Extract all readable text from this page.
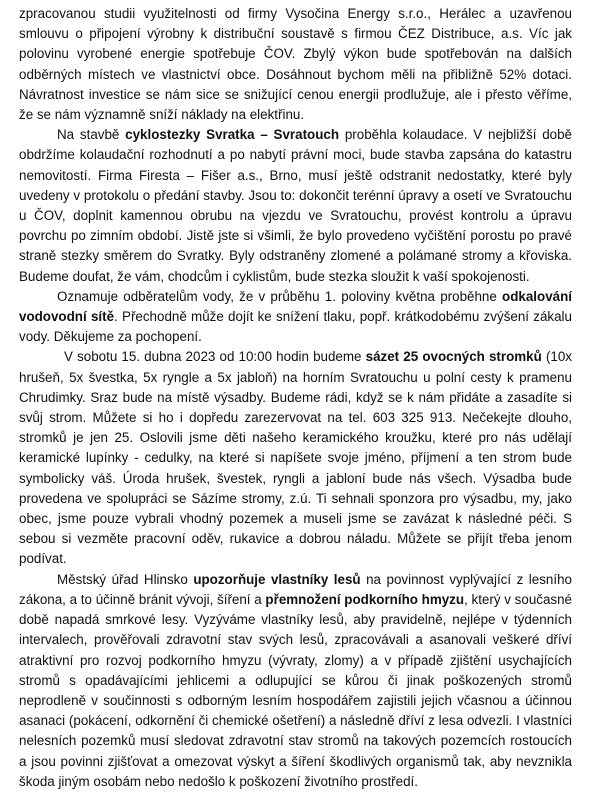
zpracovanou studii využitelnosti od firmy Vysočina Energy s.r.o., Herálec a uzavřenou smlouvu o připojení výrobny k distribuční soustavě s firmou ČEZ Distribuce, a.s. Víc jak polovinu vyrobené energie spotřebuje ČOV. Zbylý výkon bude spotřebován na dalších odběrných místech ve vlastnictví obce. Dosáhnout bychom měli na přibližně 52% dotaci. Návratnost investice se nám sice se snižující cenou energii prodlužuje, ale i přesto věříme, že se nám významně sníží náklady na elektřinu.

Na stavbě cyklostezky Svratka – Svratouch proběhla kolaudace. V nejbližší době obdržíme kolaudační rozhodnutí a po nabytí právní moci, bude stavba zapsána do katastru nemovitostí. Firma Firesta – Fišer a.s., Brno, musí ještě odstranit nedostatky, které byly uvedeny v protokolu o předání stavby. Jsou to: dokončit terénní úpravy a osetí ve Svratouchu u ČOV, doplnit kamennou obrubu na vjezdu ve Svratouchu, provést kontrolu a úpravu povrchu po zimním období. Jistě jste si všimli, že bylo provedeno vyčištění porostu po pravé straně stezky směrem do Svratky. Byly odstraněny zlomené a polámané stromy a křoviska. Budeme doufat, že vám, chodcům i cyklistům, bude stezka sloužit k vaší spokojenosti.

Oznamuje odběratelům vody, že v průběhu 1. poloviny května proběhne odkalování vodovodní sítě. Přechodně může dojít ke snížení tlaku, popř. krátkodobému zvýšení zákalu vody. Děkujeme za pochopení.

V sobotu 15. dubna 2023 od 10:00 hodin budeme sázet 25 ovocných stromků (10x hrušeň, 5x švestka, 5x ryngle a 5x jabloň) na horním Svratouchu u polní cesty k pramenu Chrudimky. Sraz bude na místě výsadby. Budeme rádi, když se k nám přidáte a zasadíte si svůj strom. Můžete si ho i dopředu zarezervovat na tel. 603 325 913. Nečekejte dlouho, stromků je jen 25. Oslovili jsme děti našeho keramického kroužku, které pro nás udělají keramické lupínky - cedulky, na které si napíšete svoje jméno, příjmení a ten strom bude symbolicky váš. Úroda hrušek, švestek, ryngli a jabloní bude nás všech. Výsadba bude provedena ve spolupráci se Sázíme stromy, z.ú. Ti sehnali sponzora pro výsadbu, my, jako obec, jsme pouze vybrali vhodný pozemek a museli jsme se zavázat k následné péči. S sebou si vezměte pracovní oděv, rukavice a dobrou náladu. Můžete se přijít třeba jenom podívat.

Městský úřad Hlinsko upozorňuje vlastníky lesů na povinnost vyplývající z lesního zákona, a to účinně bránit vývoji, šíření a přemnožení podkorního hmyzu, který v současné době napadá smrkové lesy. Vyzýváme vlastníky lesů, aby pravidelně, nejlépe v týdenních intervalech, prověřovali zdravotní stav svých lesů, zpracovávali a asanovali veškeré dříví atraktivní pro rozvoj podkorního hmyzu (vývraty, zlomy) a v případě zjištění usychajících stromů s opadávajícími jehlicemi a odlupující se kůrou či jinak poškozených stromů neprodleně v součinnosti s odborným lesním hospodářem zajistili jejich včasnou a účinnou asanaci (pokácení, odkornění či chemické ošetření) a následně dříví z lesa odvezli. I vlastníci nelesních pozemků musí sledovat zdravotní stav stromů na takových pozemcích rostoucích a jsou povinni zjišťovat a omezovat výskyt a šíření škodlivých organismů tak, aby nevznikla škoda jiným osobám nebo nedošlo k poškození životního prostředí.
